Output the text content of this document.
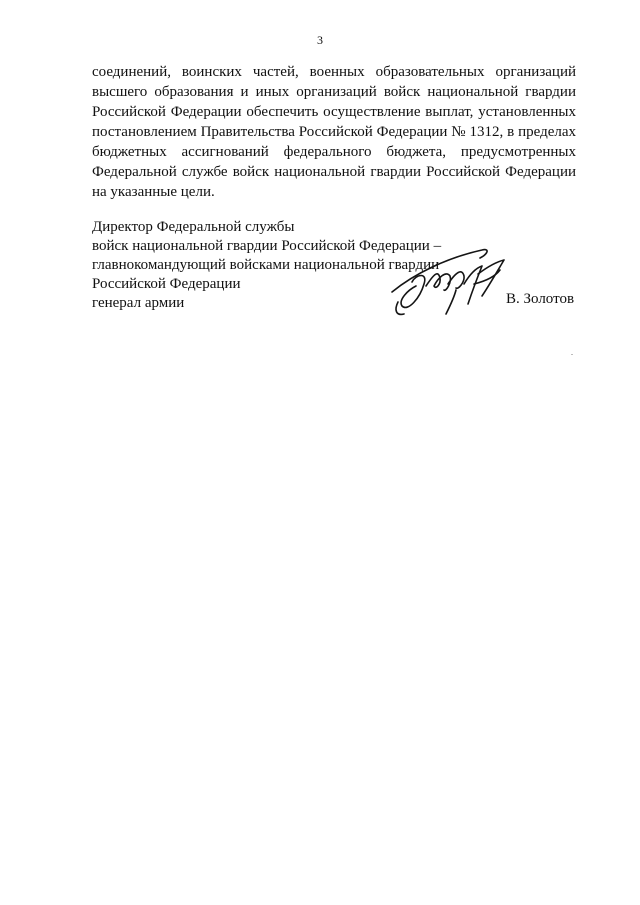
3
соединений, воинских частей, военных образовательных организаций
высшего образования и иных организаций войск национальной гвардии
Российской Федерации обеспечить осуществление выплат, установленных
постановлением Правительства Российской Федерации № 1312, в пределах
бюджетных ассигнований федерального бюджета, предусмотренных
Федеральной службе войск национальной гвардии Российской Федерации
на указанные цели.
Директор Федеральной службы
войск национальной гвардии Российской Федерации –
главнокомандующий войсками национальной гвардии
Российской Федерации
генерал армии	В. Золотов
